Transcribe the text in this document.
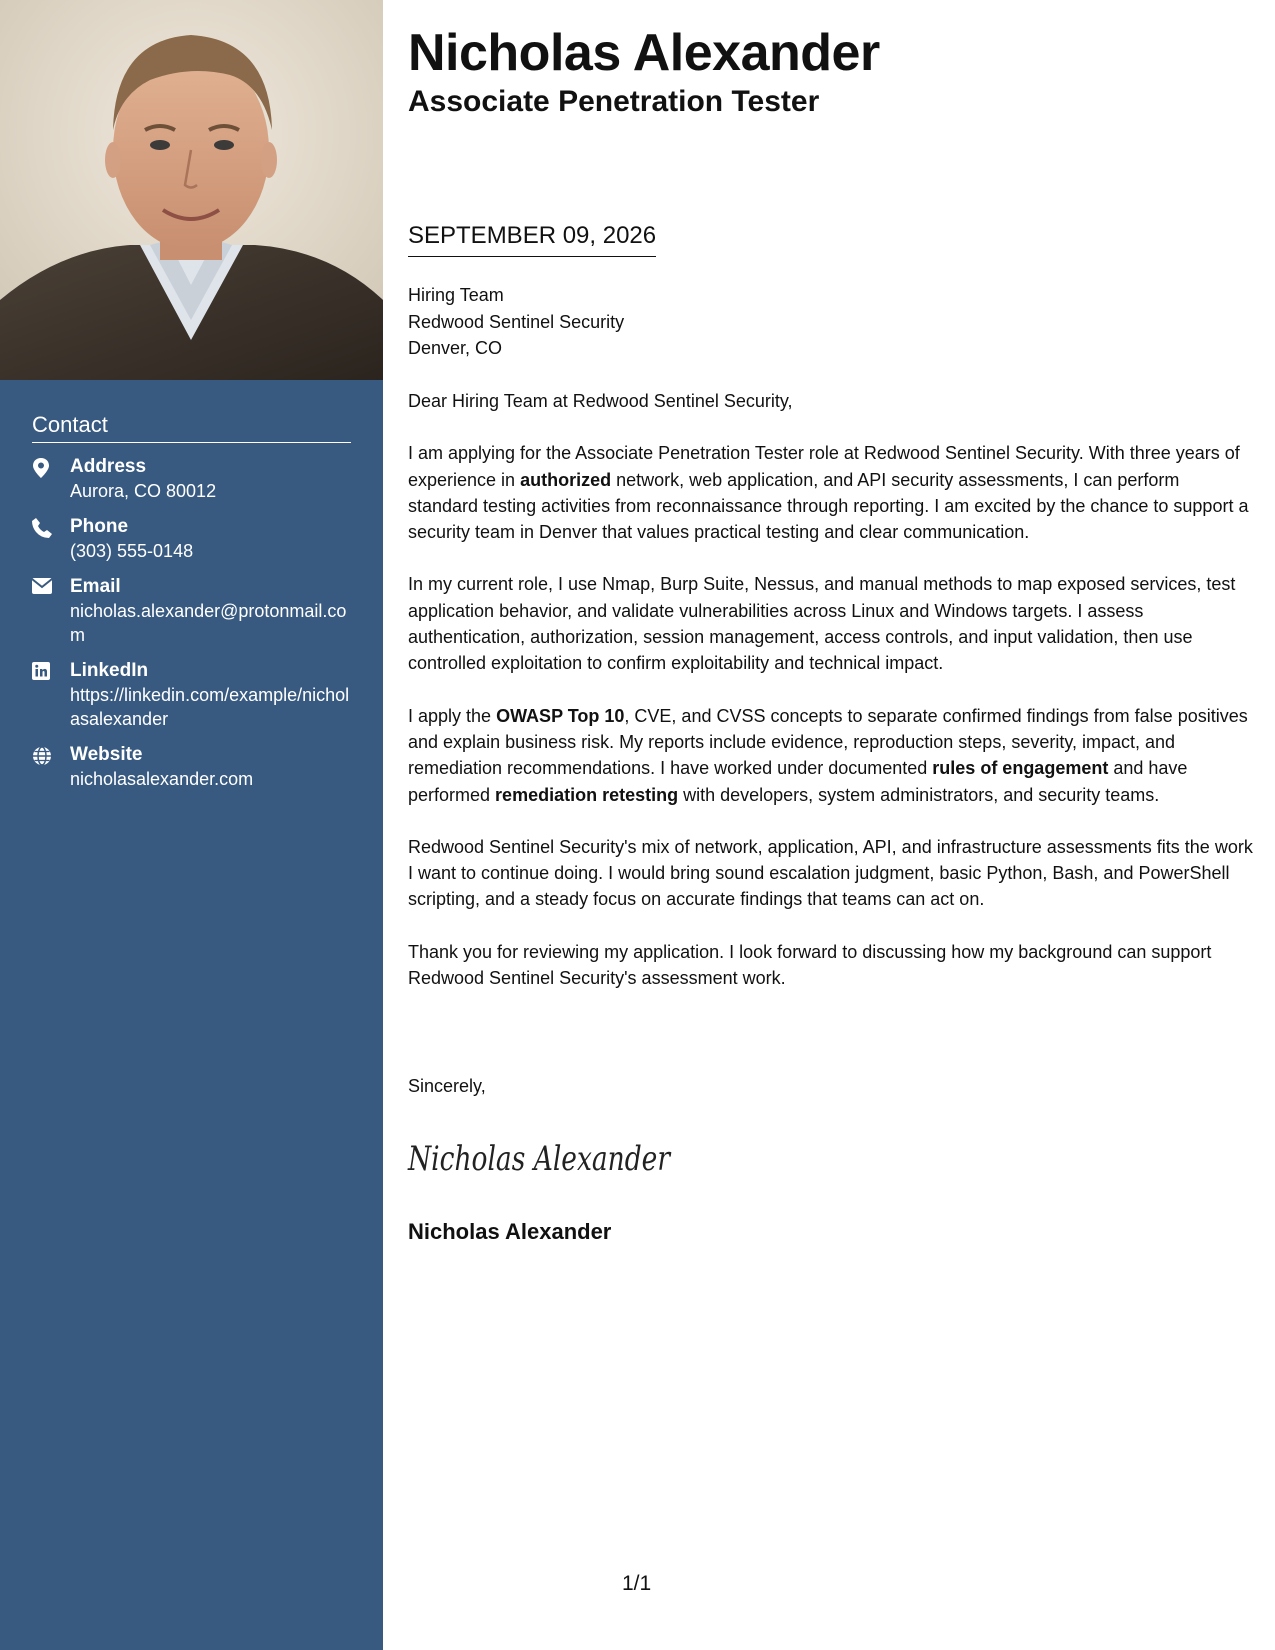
Contact
Address
Aurora, CO 80012
Phone
(303) 555-0148
Email
nicholas.alexander@protonmail.com
LinkedIn
https://linkedin.com/example/nicholasalexander
Website
nicholasalexander.com
Nicholas Alexander
Associate Penetration Tester
SEPTEMBER 09, 2026
Hiring Team
Redwood Sentinel Security
Denver, CO

Dear Hiring Team at Redwood Sentinel Security,

I am applying for the Associate Penetration Tester role at Redwood Sentinel Security. With three years of experience in authorized network, web application, and API security assessments, I can perform standard testing activities from reconnaissance through reporting. I am excited by the chance to support a security team in Denver that values practical testing and clear communication.

In my current role, I use Nmap, Burp Suite, Nessus, and manual methods to map exposed services, test application behavior, and validate vulnerabilities across Linux and Windows targets. I assess authentication, authorization, session management, access controls, and input validation, then use controlled exploitation to confirm exploitability and technical impact.

I apply the OWASP Top 10, CVE, and CVSS concepts to separate confirmed findings from false positives and explain business risk. My reports include evidence, reproduction steps, severity, impact, and remediation recommendations. I have worked under documented rules of engagement and have performed remediation retesting with developers, system administrators, and security teams.

Redwood Sentinel Security's mix of network, application, API, and infrastructure assessments fits the work I want to continue doing. I would bring sound escalation judgment, basic Python, Bash, and PowerShell scripting, and a steady focus on accurate findings that teams can act on.

Thank you for reviewing my application. I look forward to discussing how my background can support Redwood Sentinel Security's assessment work.

Sincerely,
Nicholas Alexander
Nicholas Alexander
1/1
